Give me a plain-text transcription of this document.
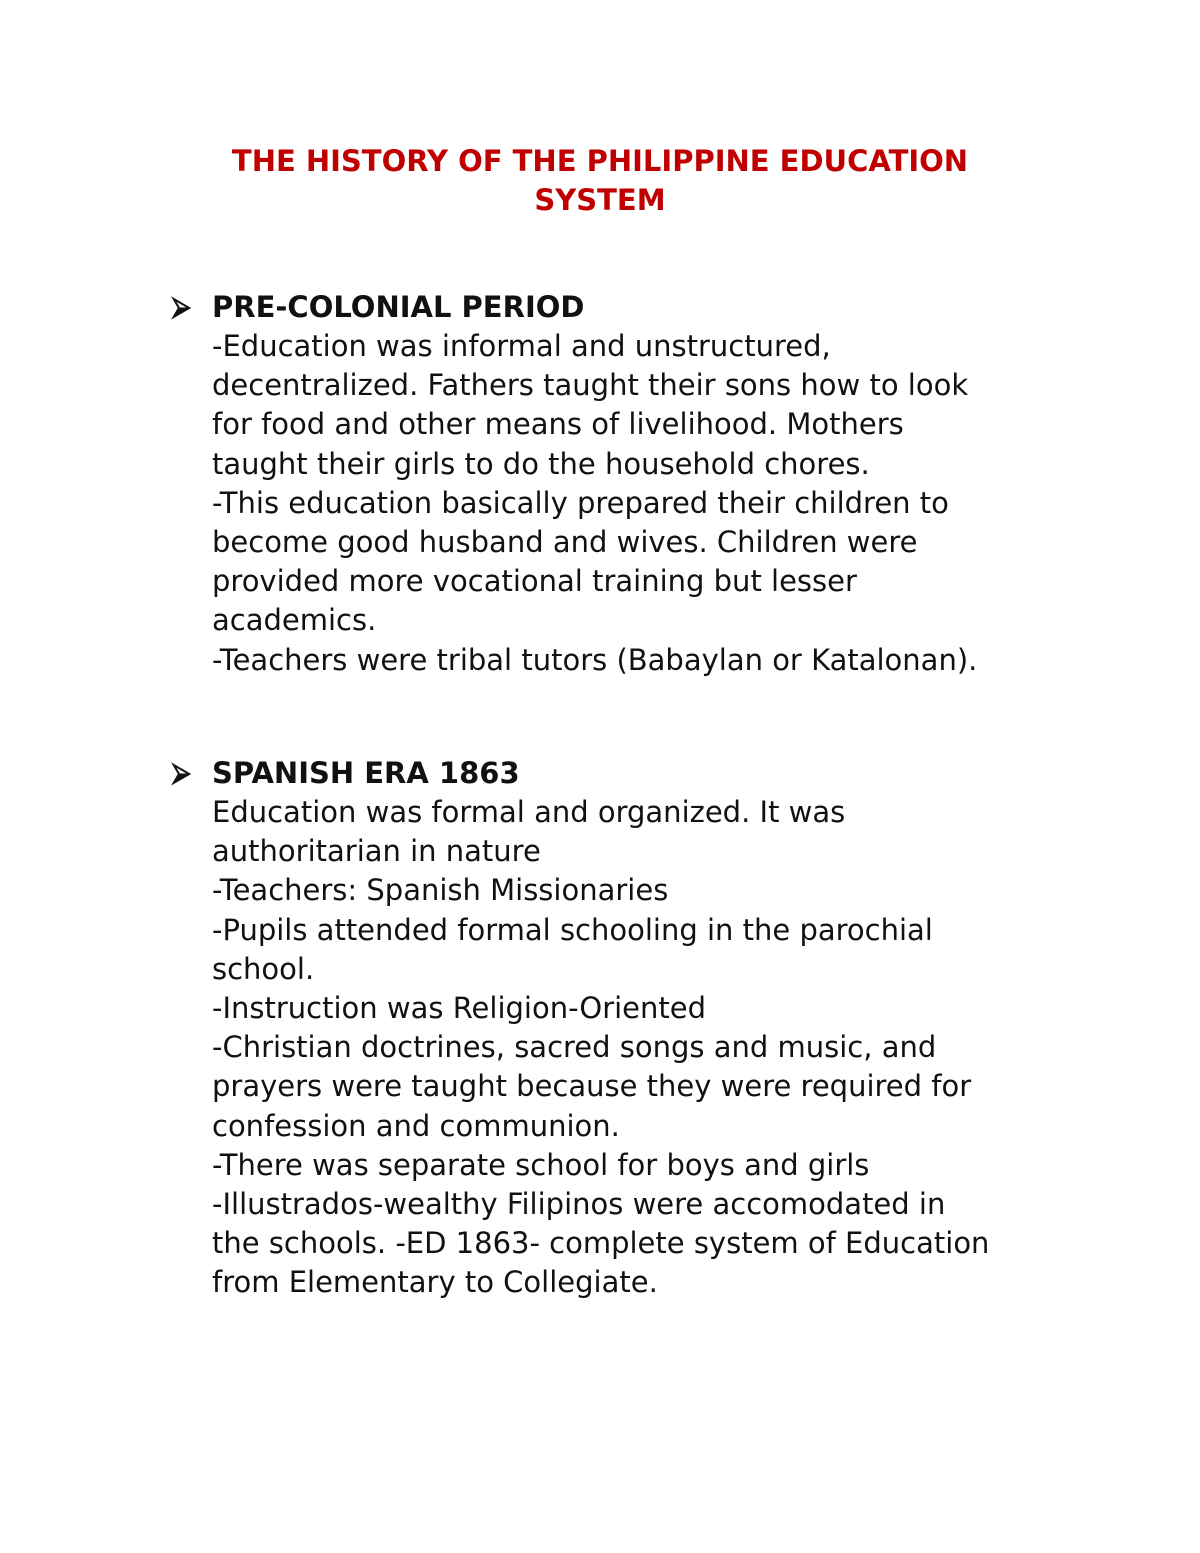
THE HISTORY OF THE PHILIPPINE EDUCATION
SYSTEM
⮚ PRE-COLONIAL PERIOD
-Education was informal and unstructured,
decentralized. Fathers taught their sons how to look
for food and other means of livelihood. Mothers
taught their girls to do the household chores.
-This education basically prepared their children to
become good husband and wives. Children were
provided more vocational training but lesser
academics.
-Teachers were tribal tutors (Babaylan or Katalonan).
⮚ SPANISH ERA 1863
Education was formal and organized. It was
authoritarian in nature
-Teachers: Spanish Missionaries
-Pupils attended formal schooling in the parochial
school.
-Instruction was Religion-Oriented
-Christian doctrines, sacred songs and music, and
prayers were taught because they were required for
confession and communion.
-There was separate school for boys and girls
-Illustrados-wealthy Filipinos were accomodated in
the schools. -ED 1863- complete system of Education
from Elementary to Collegiate.
